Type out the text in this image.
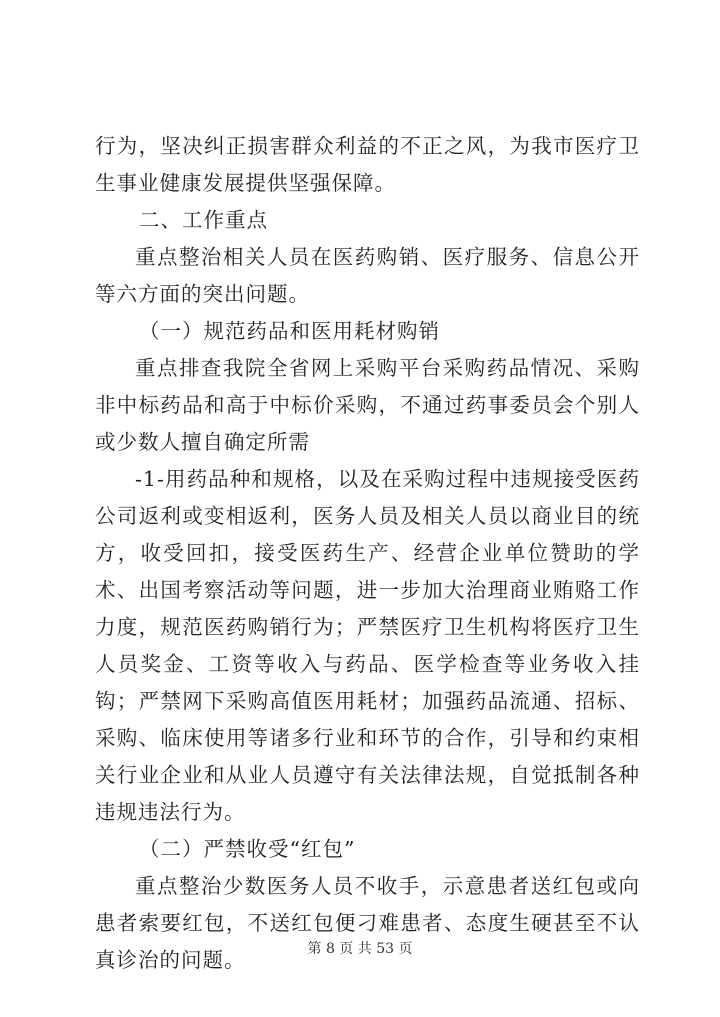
行为，坚决纠正损害群众利益的不正之风，为我市医疗卫生事业健康发展提供坚强保障。

二、工作重点

重点整治相关人员在医药购销、医疗服务、信息公开等六方面的突出问题。

（一）规范药品和医用耗材购销

重点排查我院全省网上采购平台采购药品情况、采购非中标药品和高于中标价采购，不通过药事委员会个别人或少数人擅自确定所需

-1-用药品种和规格，以及在采购过程中违规接受医药公司返利或变相返利，医务人员及相关人员以商业目的统方，收受回扣，接受医药生产、经营企业单位赞助的学术、出国考察活动等问题，进一步加大治理商业贿赂工作力度，规范医药购销行为；严禁医疗卫生机构将医疗卫生人员奖金、工资等收入与药品、医学检查等业务收入挂钩；严禁网下采购高值医用耗材；加强药品流通、招标、采购、临床使用等诸多行业和环节的合作，引导和约束相关行业企业和从业人员遵守有关法律法规，自觉抵制各种违规违法行为。

（二）严禁收受“红包”

重点整治少数医务人员不收手，示意患者送红包或向患者索要红包，不送红包便刁难患者、态度生硬甚至不认真诊治的问题。	第 8 页 共 53 页
